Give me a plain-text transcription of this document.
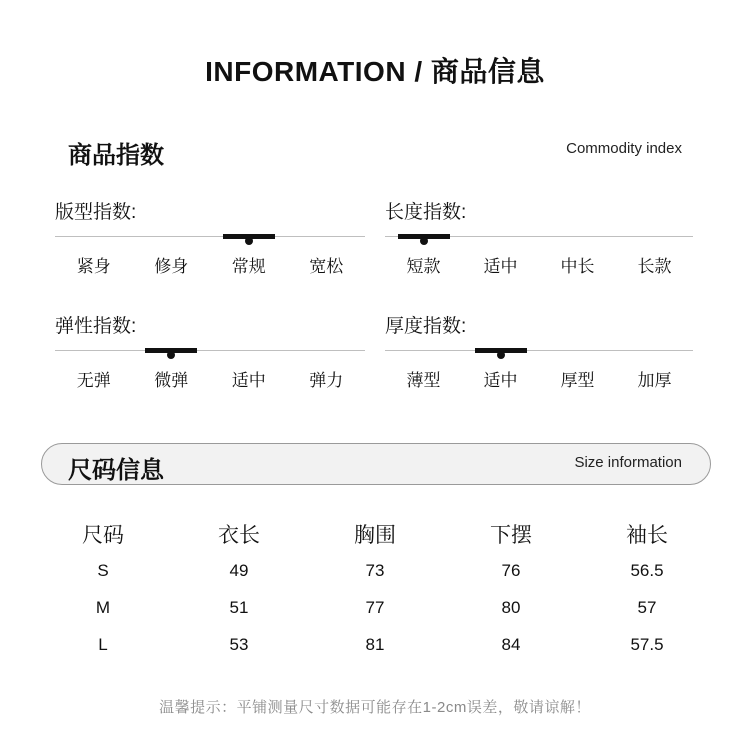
INFORMATION / 商品信息
商品指数	Commodity index
版型指数:
紧身	修身	常规	宽松
长度指数:
短款	适中	中长	长款
弹性指数:
无弹	微弹	适中	弹力
厚度指数:
薄型	适中	厚型	加厚
尺码信息	Size information
尺码	衣长	胸围	下摆	袖长
S	49	73	76	56.5
M	51	77	80	57
L	53	81	84	57.5
温馨提示：平铺测量尺寸数据可能存在1-2cm误差，敬请谅解！
